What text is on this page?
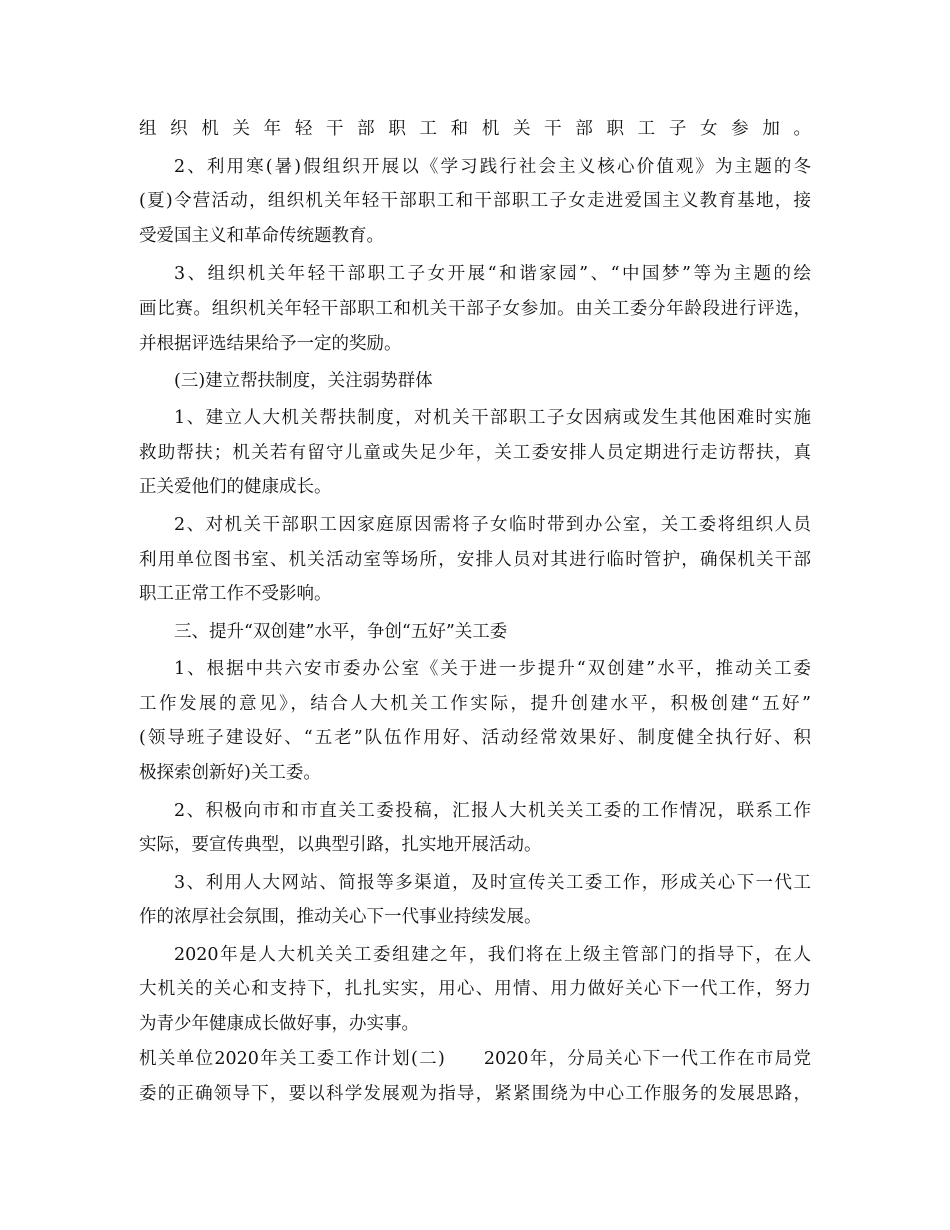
组织机关年轻干部职工和机关干部职工子女参加。
2、利用寒(暑)假组织开展以《学习践行社会主义核心价值观》为主题的冬
(夏)令营活动，组织机关年轻干部职工和干部职工子女走进爱国主义教育基地，接
受爱国主义和革命传统题教育。
3、组织机关年轻干部职工子女开展“和谐家园”、“中国梦”等为主题的绘
画比赛。组织机关年轻干部职工和机关干部子女参加。由关工委分年龄段进行评选，
并根据评选结果给予一定的奖励。
(三)建立帮扶制度，关注弱势群体
1、建立人大机关帮扶制度，对机关干部职工子女因病或发生其他困难时实施
救助帮扶；机关若有留守儿童或失足少年，关工委安排人员定期进行走访帮扶，真
正关爱他们的健康成长。
2、对机关干部职工因家庭原因需将子女临时带到办公室，关工委将组织人员
利用单位图书室、机关活动室等场所，安排人员对其进行临时管护，确保机关干部
职工正常工作不受影响。
三、提升“双创建”水平，争创“五好”关工委
1、根据中共六安市委办公室《关于进一步提升“双创建”水平，推动关工委
工作发展的意见》，结合人大机关工作实际，提升创建水平，积极创建“五好”
(领导班子建设好、“五老”队伍作用好、活动经常效果好、制度健全执行好、积
极探索创新好)关工委。
2、积极向市和市直关工委投稿，汇报人大机关关工委的工作情况，联系工作
实际，要宣传典型，以典型引路，扎实地开展活动。
3、利用人大网站、简报等多渠道，及时宣传关工委工作，形成关心下一代工
作的浓厚社会氛围，推动关心下一代事业持续发展。
2020年是人大机关关工委组建之年，我们将在上级主管部门的指导下，在人
大机关的关心和支持下，扎扎实实，用心、用情、用力做好关心下一代工作，努力
为青少年健康成长做好事，办实事。
机关单位2020年关工委工作计划(二)　　2020年，分局关心下一代工作在市局党
委的正确领导下，要以科学发展观为指导，紧紧围绕为中心工作服务的发展思路，
